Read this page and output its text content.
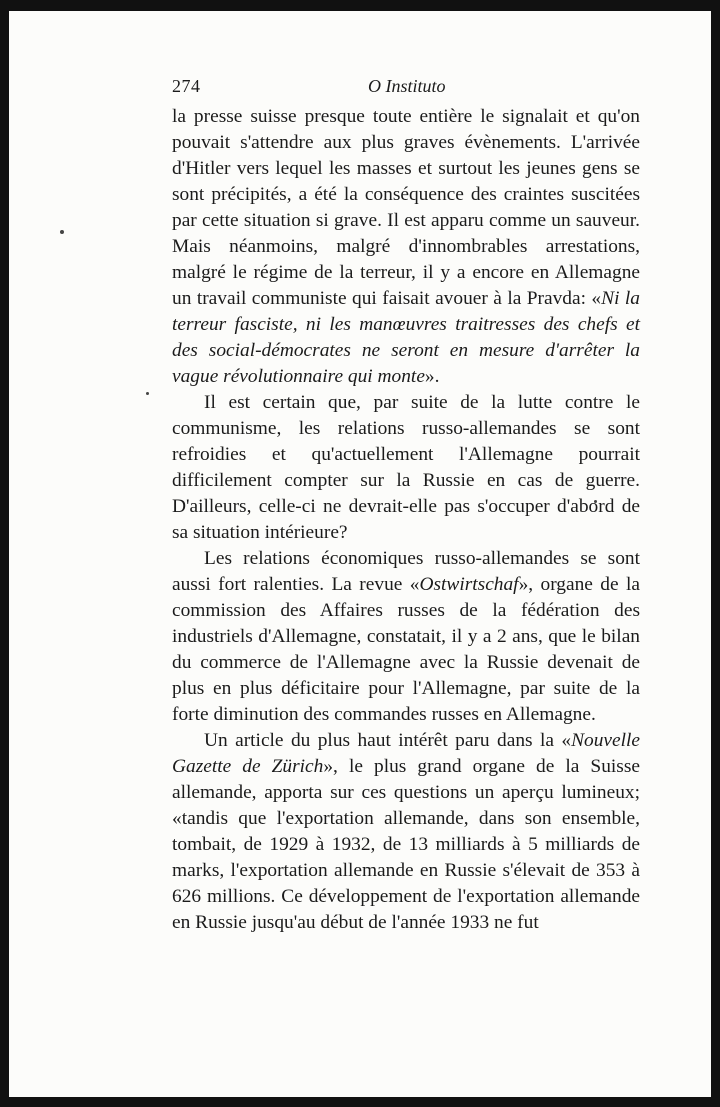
274	O Instituto

la presse suisse presque toute entière le signalait et qu'on pouvait s'attendre aux plus graves évènements. L'arrivée d'Hitler vers lequel les masses et surtout les jeunes gens se sont précipités, a été la conséquence des craintes suscitées par cette situation si grave. Il est apparu comme un sauveur. Mais néanmoins, malgré d'innombrables arrestations, malgré le régime de la terreur, il y a encore en Allemagne un travail communiste qui faisait avouer à la Pravda: «Ni la terreur fasciste, ni les manœuvres traitresses des chefs et des social-démocrates ne seront en mesure d'arrêter la vague révolutionnaire qui monte».

Il est certain que, par suite de la lutte contre le communisme, les relations russo-allemandes se sont refroidies et qu'actuellement l'Allemagne pourrait difficilement compter sur la Russie en cas de guerre. D'ailleurs, celle-ci ne devrait-elle pas s'occuper d'abord de sa situation intérieure?

Les relations économiques russo-allemandes se sont aussi fort ralenties. La revue «Ostwirtschaf», organe de la commission des Affaires russes de la fédération des industriels d'Allemagne, constatait, il y a 2 ans, que le bilan du commerce de l'Allemagne avec la Russie devenait de plus en plus déficitaire pour l'Allemagne, par suite de la forte diminution des commandes russes en Allemagne.

Un article du plus haut intérêt paru dans la «Nouvelle Gazette de Zürich», le plus grand organe de la Suisse allemande, apporta sur ces questions un aperçu lumineux; «tandis que l'exportation allemande, dans son ensemble, tombait, de 1929 à 1932, de 13 milliards à 5 milliards de marks, l'exportation allemande en Russie s'élevait de 353 à 626 millions. Ce développement de l'exportation allemande en Russie jusqu'au début de l'année 1933 ne fut
